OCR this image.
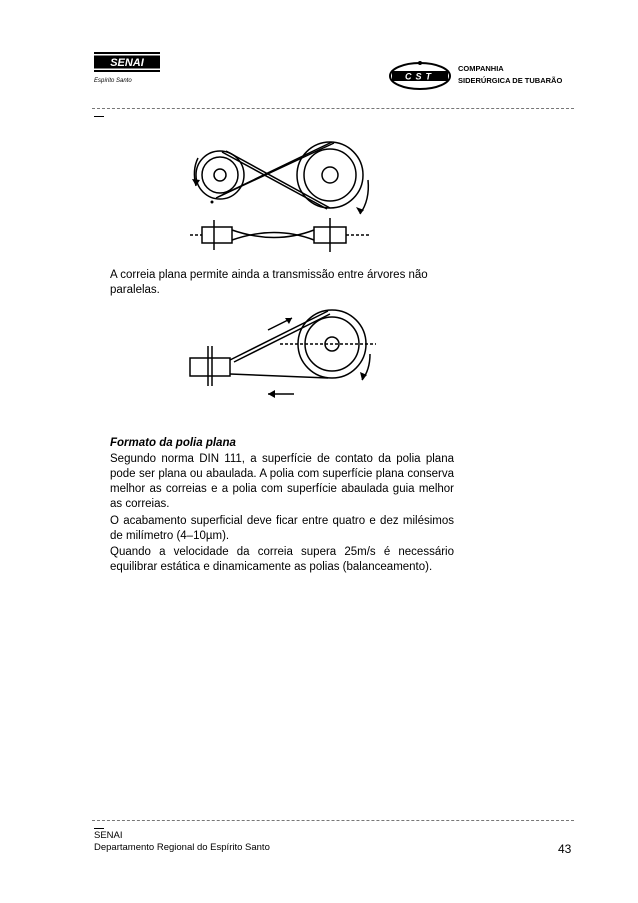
SENAI
Espírito Santo	CST
COMPANHIA
SIDERÚRGICA DE TUBARÃO

A correia plana permite ainda a transmissão entre árvores não paralelas.

Formato da polia plana

Segundo norma DIN 111, a superfície de contato da polia plana pode ser plana ou abaulada. A polia com superfície plana conserva melhor as correias e a polia com superfície abaulada guia melhor as correias.

O acabamento superficial deve ficar entre quatro e dez milésimos de milímetro (4–10µm).

Quando a velocidade da correia supera 25m/s é necessário equilibrar estática e dinamicamente as polias (balanceamento).

SENAI
Departamento Regional do Espírito Santo	43
